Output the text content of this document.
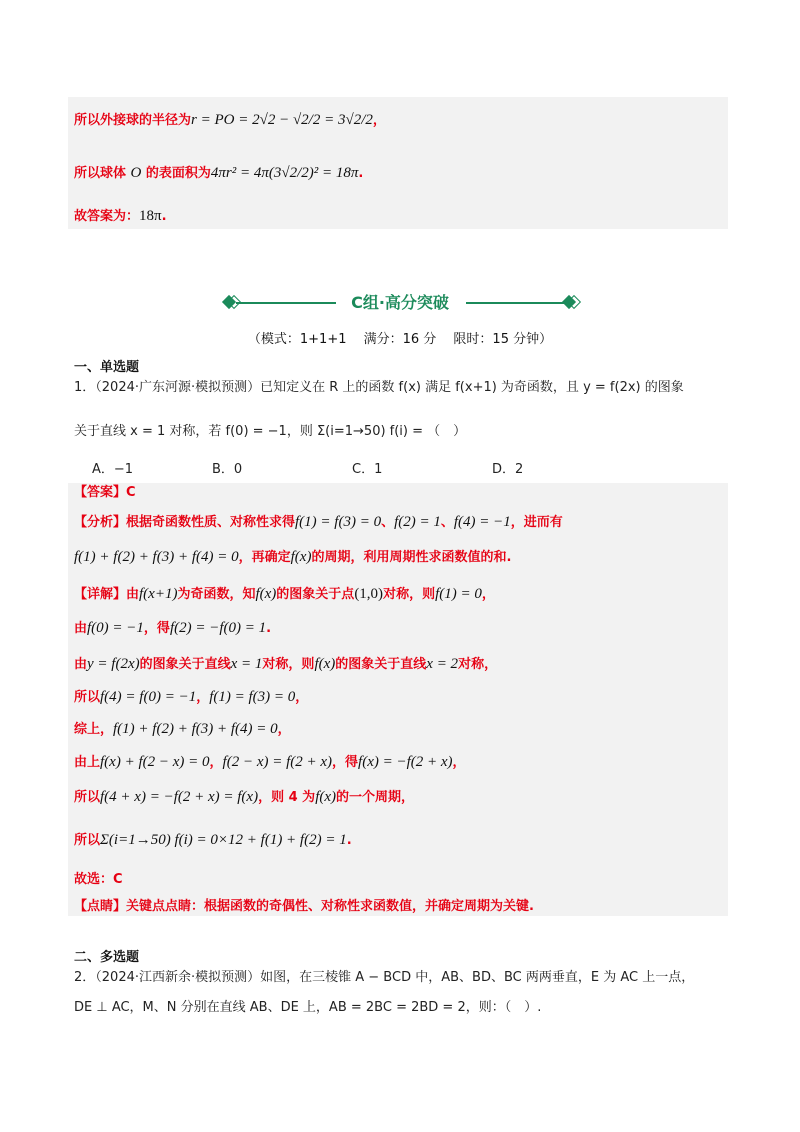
C组·高分突破
（模式：1+1+1　 满分：16 分　 限时：15 分钟）
一、单选题
1．（2024·广东河源·模拟预测）已知定义在 R 上的函数 f(x) 满足 f(x+1) 为奇函数，且 y = f(2x) 的图象
关于直线 x = 1 对称，若 f(0) = −1，则 Σ(i=1→50) f(i) = （　）
A．−1	B．0	C．1	D．2
二、多选题
2．（2024·江西新余·模拟预测）如图，在三棱锥 A − BCD 中，AB、BD、BC 两两垂直，E 为 AC 上一点，
DE ⊥ AC，M、N 分别在直线 AB、DE 上，AB = 2BC = 2BD = 2，则：（　）.
所以外接球的半径为r = PO = 2√2 − √2/2 = 3√2/2，
所以球体 O 的表面积为4πr² = 4π(3√2/2)² = 18π.
故答案为：18π.
【答案】C
【分析】根据奇函数性质、对称性求得f(1) = f(3) = 0、f(2) = 1、f(4) = −1，进而有
f(1) + f(2) + f(3) + f(4) = 0，再确定f(x)的周期，利用周期性求函数值的和.
【详解】由f(x+1)为奇函数，知f(x)的图象关于点(1,0)对称，则f(1) = 0，
由f(0) = −1，得f(2) = −f(0) = 1.
由y = f(2x)的图象关于直线x = 1对称，则f(x)的图象关于直线x = 2对称，
所以f(4) = f(0) = −1，f(1) = f(3) = 0，
综上，f(1) + f(2) + f(3) + f(4) = 0，
由上f(x) + f(2 − x) = 0，f(2 − x) = f(2 + x)，得f(x) = −f(2 + x)，
所以f(4 + x) = −f(2 + x) = f(x)，则 4 为f(x)的一个周期，
所以Σ(i=1→50) f(i) = 0×12 + f(1) + f(2) = 1.
故选：C
【点睛】关键点点睛：根据函数的奇偶性、对称性求函数值，并确定周期为关键.
